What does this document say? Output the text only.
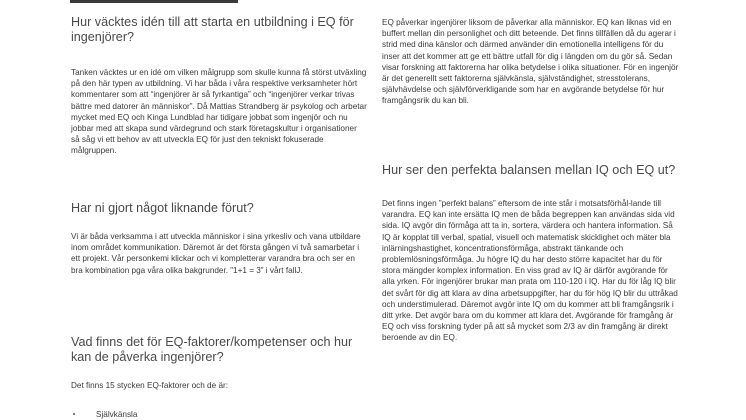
Hur väcktes idén till att starta en utbildning i EQ för ingenjörer?

Tanken väcktes ur en idé om vilken målgrupp som skulle kunna få störst utväxling på den här typen av utbildning. Vi har båda i våra respektive verksamheter hört kommentarer som att “ingenjörer är så fyrkantiga” och “ingenjörer verkar trivas bättre med datorer än människor”. Då Mattias Strandberg är psykolog och arbetar mycket med EQ och Kinga Lundblad har tidigare jobbat som ingenjör och nu jobbar med att skapa sund värdegrund och stark företagskultur i organisationer så såg vi ett behov av att utveckla EQ för just den tekniskt fokuserade målgruppen.

Har ni gjort något liknande förut?

Vi är båda verksamma i att utveckla människor i sina yrkesliv och vana utbildare inom området kommunikation. Däremot är det första gången vi två samarbetar i ett projekt. Vår personkemi klickar och vi kompletterar varandra bra och ser en bra kombination pga våra olika bakgrunder. ”1+1 = 3” i vårt fallJ.

Vad finns det för EQ-faktorer/kompetenser och hur kan de påverka ingenjörer?

Det finns 15 stycken EQ-faktorer och de är:

Självkänsla

EQ påverkar ingenjörer liksom de påverkar alla människor. EQ kan liknas vid en buffert mellan din personlighet och ditt beteende. Det finns tillfällen då du agerar i strid med dina känslor och därmed använder din emotionella intelligens för du inser att det kommer att ge ett bättre utfall för dig i längden om du gör så. Sedan visar forskning att faktorerna har olika betydelse i olika situationer. För en ingenjör är det generellt sett faktorerna självkänsla, självständighet, stresstolerans, självhävdelse och självförverkligande som har en avgörande betydelse för hur framgångsrik du kan bli.

Hur ser den perfekta balansen mellan IQ och EQ ut?

Det finns ingen ”perfekt balans” eftersom de inte står i motsatsförhål-lande till varandra. EQ kan inte ersätta IQ men de båda begreppen kan användas sida vid sida. IQ avgör din förmåga att ta in, sortera, värdera och hantera information. Så IQ är kopplat till verbal, spatial, visuell och matematisk skicklighet och mäter bla inlärningshastighet, koncentrationsförmåga, abstrakt tänkande och problemlösningsförmåga. Ju högre IQ du har desto större kapacitet har du för stora mängder komplex information. En viss grad av IQ är därför avgörande för alla yrken. För ingenjörer brukar man prata om 110-120 i IQ. Har du för låg IQ blir det svårt för dig att klara av dina arbetsuppgifter, har du för hög IQ blir du uttråkad och understimulerad. Däremot avgör inte IQ om du kommer att bli framgångsrik i ditt yrke. Det avgör bara om du kommer att klara det. Avgörande för framgång är EQ och viss forskning tyder på att så mycket som 2/3 av din framgång är direkt beroende av din EQ.
